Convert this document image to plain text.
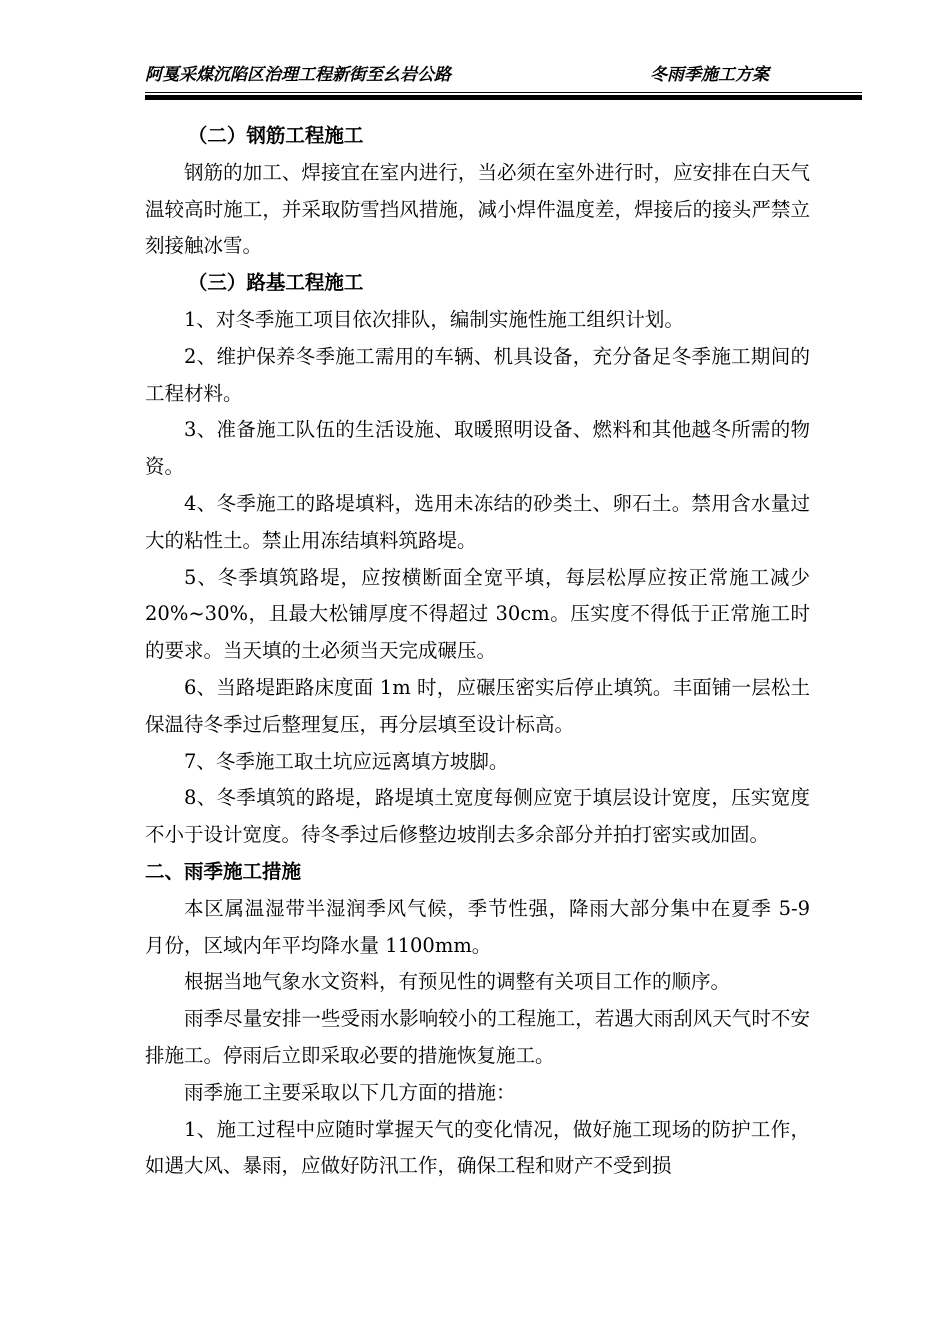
阿戛采煤沉陷区治理工程新街至幺岩公路	冬雨季施工方案

（二）钢筋工程施工

钢筋的加工、焊接宜在室内进行，当必须在室外进行时，应安排在白天气温较高时施工，并采取防雪挡风措施，减小焊件温度差，焊接后的接头严禁立刻接触冰雪。

（三）路基工程施工

1、对冬季施工项目依次排队，编制实施性施工组织计划。

2、维护保养冬季施工需用的车辆、机具设备，充分备足冬季施工期间的工程材料。

3、准备施工队伍的生活设施、取暖照明设备、燃料和其他越冬所需的物资。

4、冬季施工的路堤填料，选用未冻结的砂类土、卵石土。禁用含水量过大的粘性土。禁止用冻结填料筑路堤。

5、冬季填筑路堤，应按横断面全宽平填，每层松厚应按正常施工减少 20%~30%，且最大松铺厚度不得超过 30cm。压实度不得低于正常施工时的要求。当天填的土必须当天完成碾压。

6、当路堤距路床度面 1m 时，应碾压密实后停止填筑。丰面铺一层松土保温待冬季过后整理复压，再分层填至设计标高。

7、冬季施工取土坑应远离填方坡脚。

8、冬季填筑的路堤，路堤填土宽度每侧应宽于填层设计宽度，压实宽度不小于设计宽度。待冬季过后修整边坡削去多余部分并拍打密实或加固。

二、雨季施工措施

本区属温湿带半湿润季风气候，季节性强，降雨大部分集中在夏季 5-9 月份，区域内年平均降水量 1100mm。

根据当地气象水文资料，有预见性的调整有关项目工作的顺序。

雨季尽量安排一些受雨水影响较小的工程施工，若遇大雨刮风天气时不安排施工。停雨后立即采取必要的措施恢复施工。

雨季施工主要采取以下几方面的措施：

1、施工过程中应随时掌握天气的变化情况，做好施工现场的防护工作，如遇大风、暴雨，应做好防汛工作，确保工程和财产不受到损
